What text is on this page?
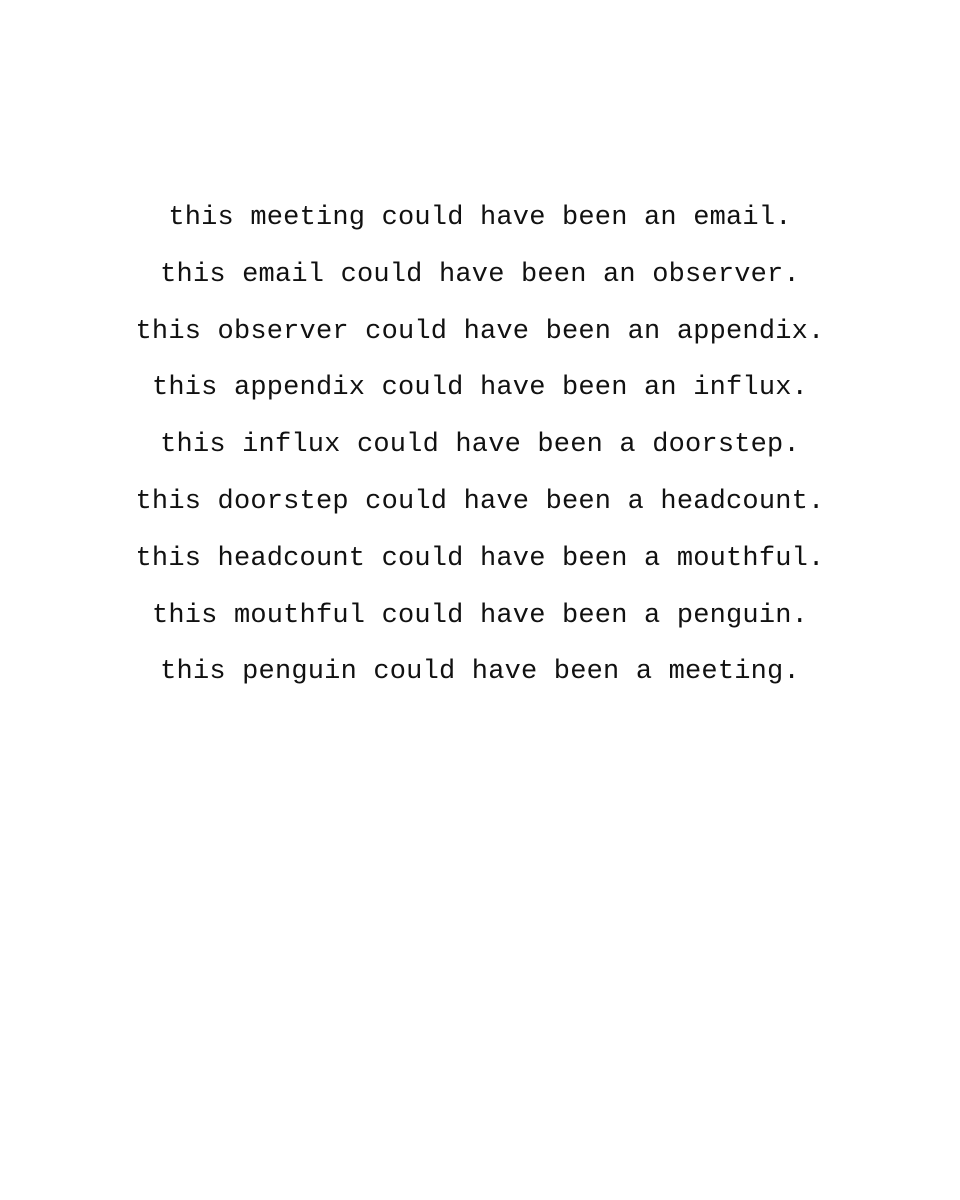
this meeting could have been an email.
this email could have been an observer.
this observer could have been an appendix.
this appendix could have been an influx.
this influx could have been a doorstep.
this doorstep could have been a headcount.
this headcount could have been a mouthful.
this mouthful could have been a penguin.
this penguin could have been a meeting.
